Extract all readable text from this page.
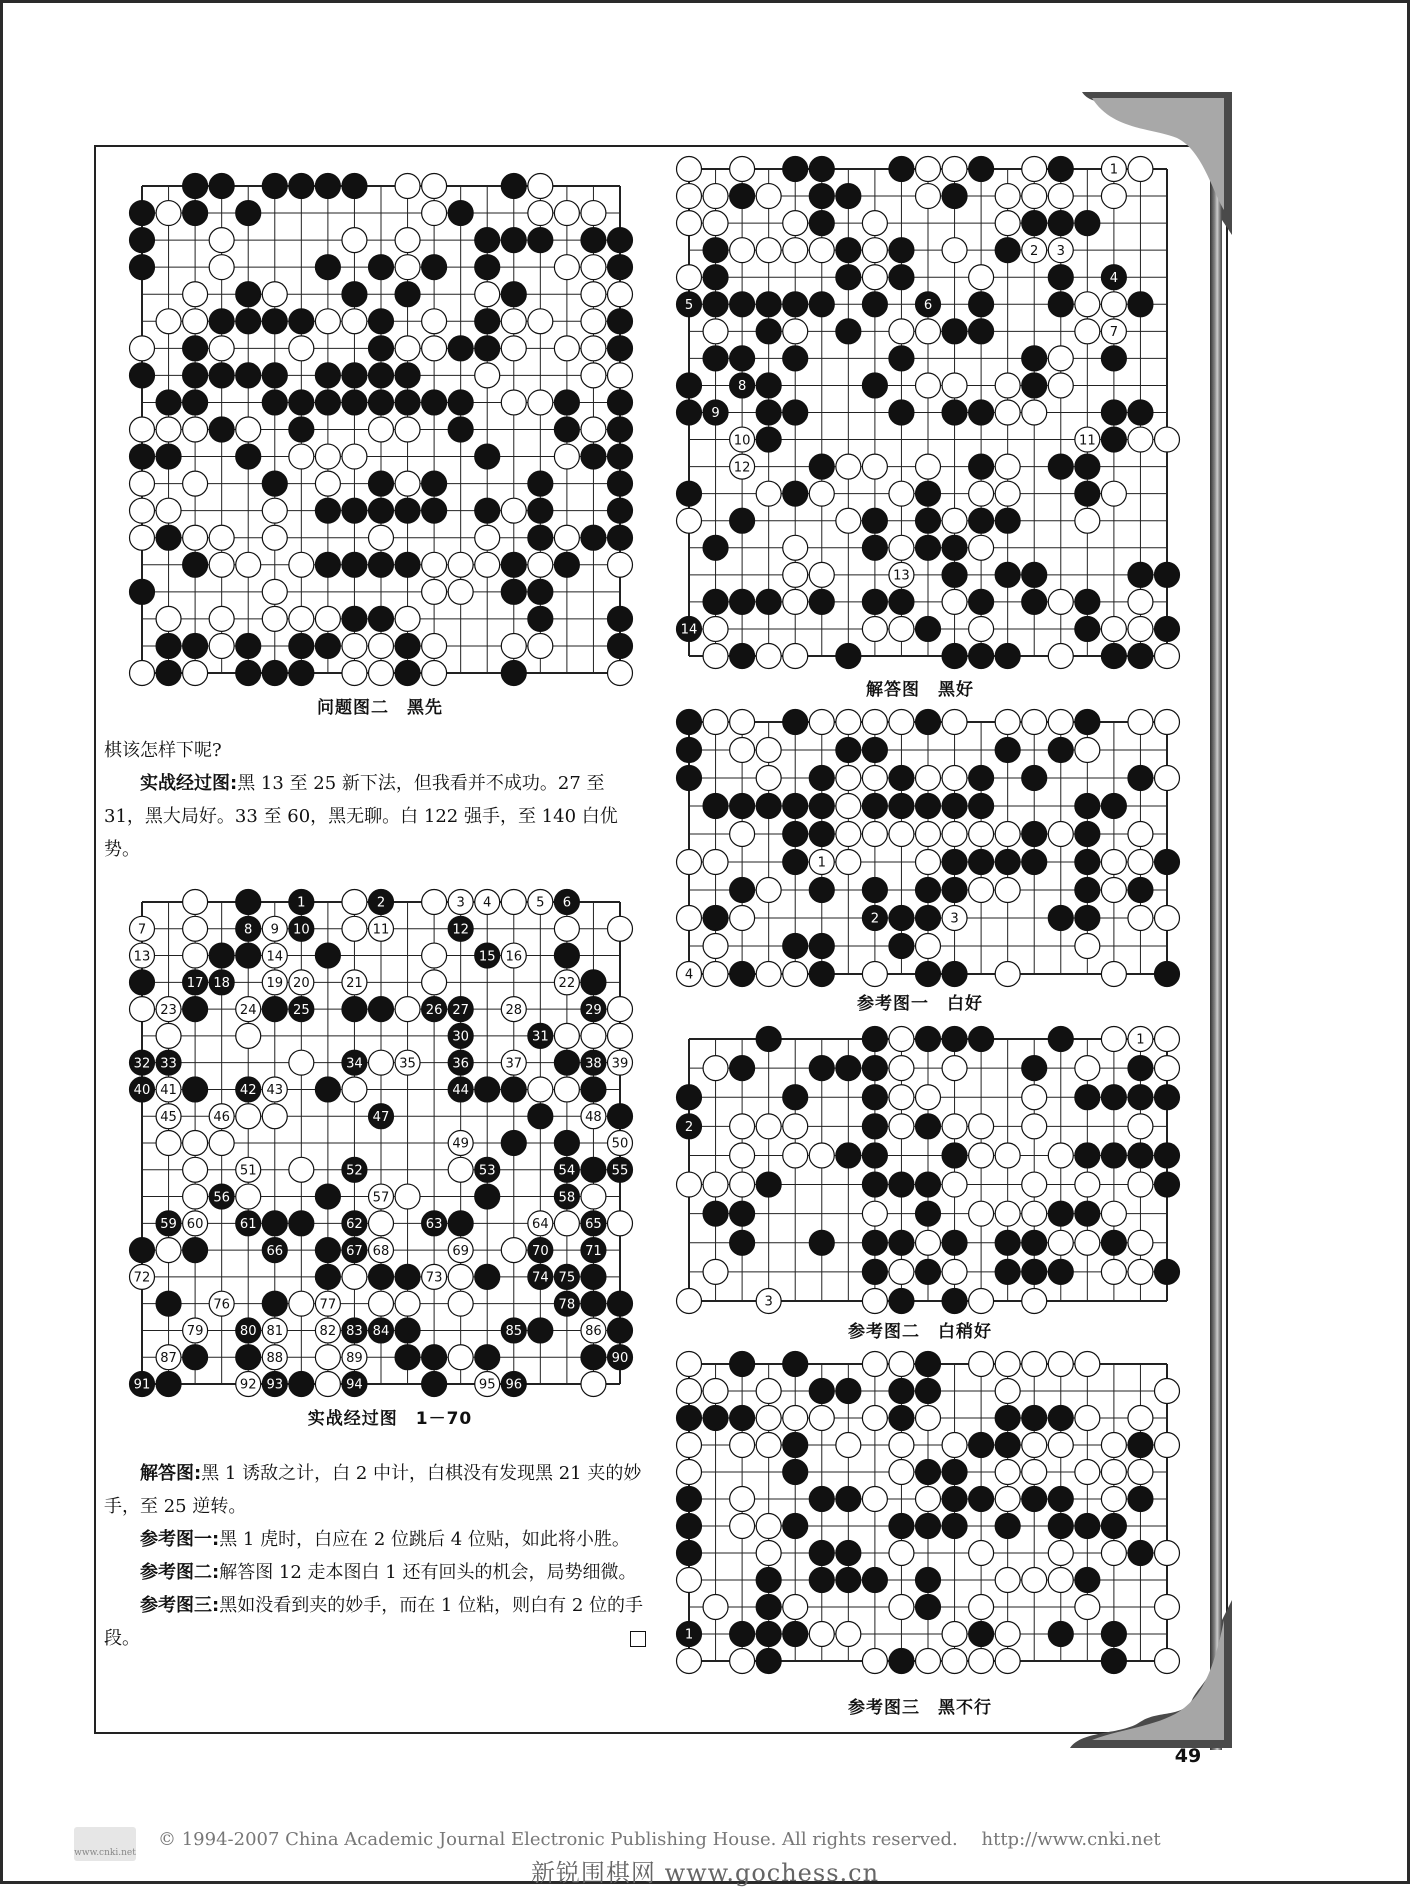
49
1
2 3
4
5	6
7
8
9
10	11
12
13
14
1	2	3 4	5 6
7	8 9 10	11	12
13	14	15 16
17 18	19 20	21	22
23	24	25	26 27	28	29
30	31
32 33	34	35	36	37	38 39
40 41	42 43	44
45	46	47	48
49	50
51	52	53	54	55
56	57	58
59 60	61	62	63	64	65
66	67 68	69	70	71
72	73	74 75
76	77	78
79	80 81	82 83 84	85	86
87	88	89	90
91	92 93	94	95 96
1
2	3
4
1
2
3
1
问题图二　黑先
解答图　黑好
实战经过图　1－70
参考图一　白好
参考图二　白稍好
参考图三　黑不行

棋该怎样下呢?

实战经过图:黑 13 至 25 新下法，但我看并不成功。27 至 31，黑大局好。33 至 60，黑无聊。白 122 强手，至 140 白优势。

解答图:黑 1 诱敌之计，白 2 中计，白棋没有发现黑 21 夹的妙手，至 25 逆转。

参考图一:黑 1 虎时，白应在 2 位跳后 4 位贴，如此将小胜。

参考图二:解答图 12 走本图白 1 还有回头的机会，局势细微。

参考图三:黑如没看到夹的妙手，而在 1 位粘，则白有 2 位的手段。

www.cnki.net
© 1994-2007 China Academic Journal Electronic Publishing House. All rights reserved.　 http://www.cnki.net
新锐围棋网 www.gochess.cn
